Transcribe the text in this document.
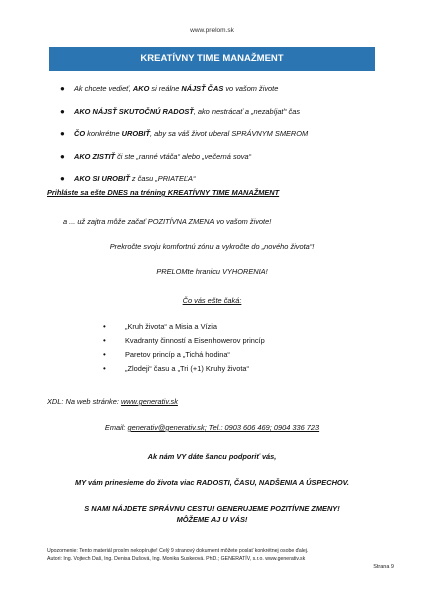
www.prelom.sk
KREATÍVNY TIME MANAŽMENT
● Ak chcete vedieť, AKO si reálne NÁJSŤ ČAS vo vašom živote
● AKO NÁJSŤ SKUTOČNÚ RADOSŤ, ako nestrácať a „nezabíjať“ čas
● ČO konkrétne UROBIŤ, aby sa váš život uberal SPRÁVNYM SMEROM
● AKO ZISTIŤ či ste „ranné vtáča“ alebo „večerná sova“
● AKO SI UROBIŤ z času „PRIATEĽA“
Prihláste sa ešte DNES na tréning KREATÍVNY TIME MANAŽMENT
a ... už zajtra môže začať POZITÍVNA ZMENA vo vašom živote!
Prekročte svoju komfortnú zónu a vykročte do „nového života“!
PRELOMte hranicu VYHORENIA!
Čo vás ešte čaká:
•	„Kruh života“ a Misia a Vízia
•	Kvadranty činností a Eisenhowerov princíp
•	Paretov princíp a „Tichá hodina“
•	„Zlodeji“ času a „Tri (+1) Kruhy života“
XDL: Na web stránke: www.generativ.sk
Email: generativ@generativ.sk; Tel.: 0903 606 469; 0904 336 723
Ak nám VY dáte šancu podporiť vás,
MY vám prinesieme do života viac RADOSTI, ČASU, NADŠENIA A ÚSPECHOV.
S NAMI NÁJDETE SPRÁVNU CESTU! GENERUJEME POZITÍVNE ZMENY!
MÔŽEME AJ U VÁS!
Upozornenie: Tento materiál prosím nekopírujte! Celý 9 stranový dokument môžete poslať konkrétnej osobe ďalej.
Autori: Ing. Vojtech Daš, Ing. Denisa Dušová, Ing. Monika Suskeová. PhD.; GENERATÍV, s.r.o. www.generativ.sk
Strana 9
